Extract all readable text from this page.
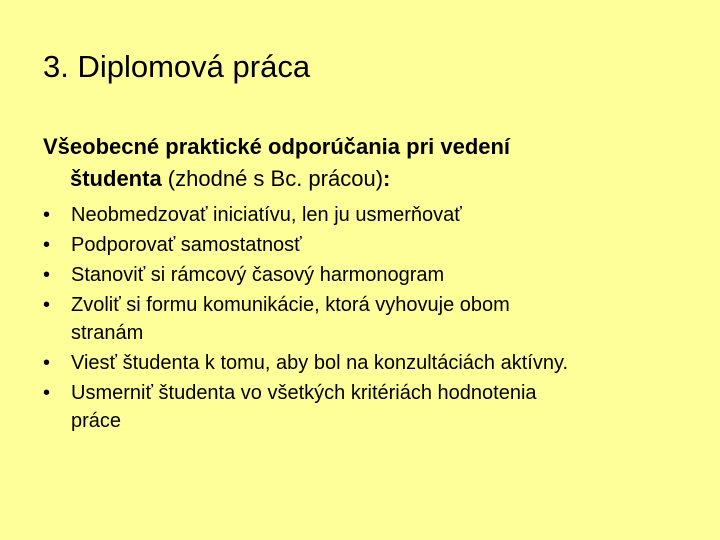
3. Diplomová práca
Všeobecné praktické odporúčania pri vedení
študenta (zhodné s Bc. prácou):
•	Neobmedzovať iniciatívu, len ju usmerňovať
•	Podporovať samostatnosť
•	Stanoviť si rámcový časový harmonogram
•	Zvoliť si formu komunikácie, ktorá vyhovuje obom
stranám
•	Viesť študenta k tomu, aby bol na konzultáciách aktívny.
•	Usmerniť študenta vo všetkých kritériách hodnotenia
práce
